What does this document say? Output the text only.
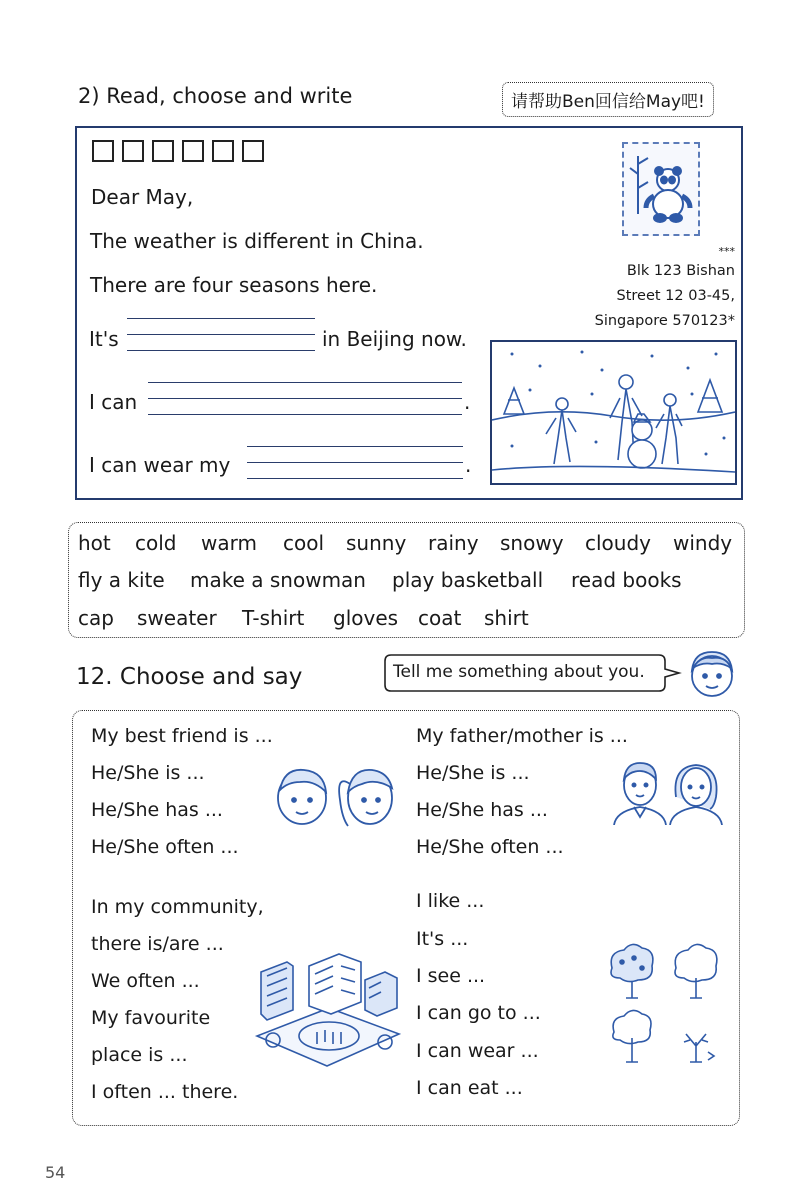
2) Read, choose and write	请帮助Ben回信给May吧!
Dear May,
The weather is different in China.
There are four seasons here.
It's	in Beijing now.
I can	.
I can wear my	.
***
Blk 123 Bishan
Street 12 03-45,
Singapore 570123*
hot cold warm cool sunny rainy snowy cloudy windy
fly a kite make a snowman play basketball read books
cap sweater T-shirt gloves coat shirt
12. Choose and say	Tell me something about you.
My best friend is ...
He/She is ...
He/She has ...
He/She often ...
My father/mother is ...
He/She is ...
He/She has ...
He/She often ...
In my community,
there is/are ...
We often ...
My favourite
place is ...
I often ... there.
I like ...
It's ...
I see ...
I can go to ...
I can wear ...
I can eat ...
54
